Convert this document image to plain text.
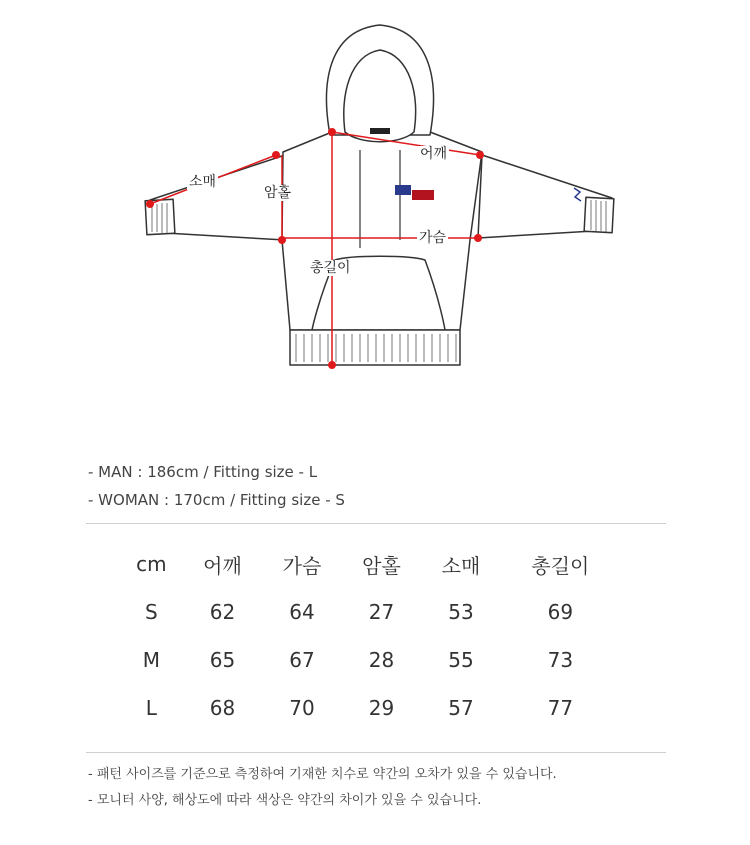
어깨
소매
암홀
가슴
총길이
- MAN : 186cm / Fitting size - L
- WOMAN : 170cm / Fitting size - S
cm	어깨	가슴	암홀	소매	총길이
S	62	64	27	53	69
M	65	67	28	55	73
L	68	70	29	57	77
- 패턴 사이즈를 기준으로 측정하여 기재한 치수로 약간의 오차가 있을 수 있습니다.
- 모니터 사양, 해상도에 따라 색상은 약간의 차이가 있을 수 있습니다.
